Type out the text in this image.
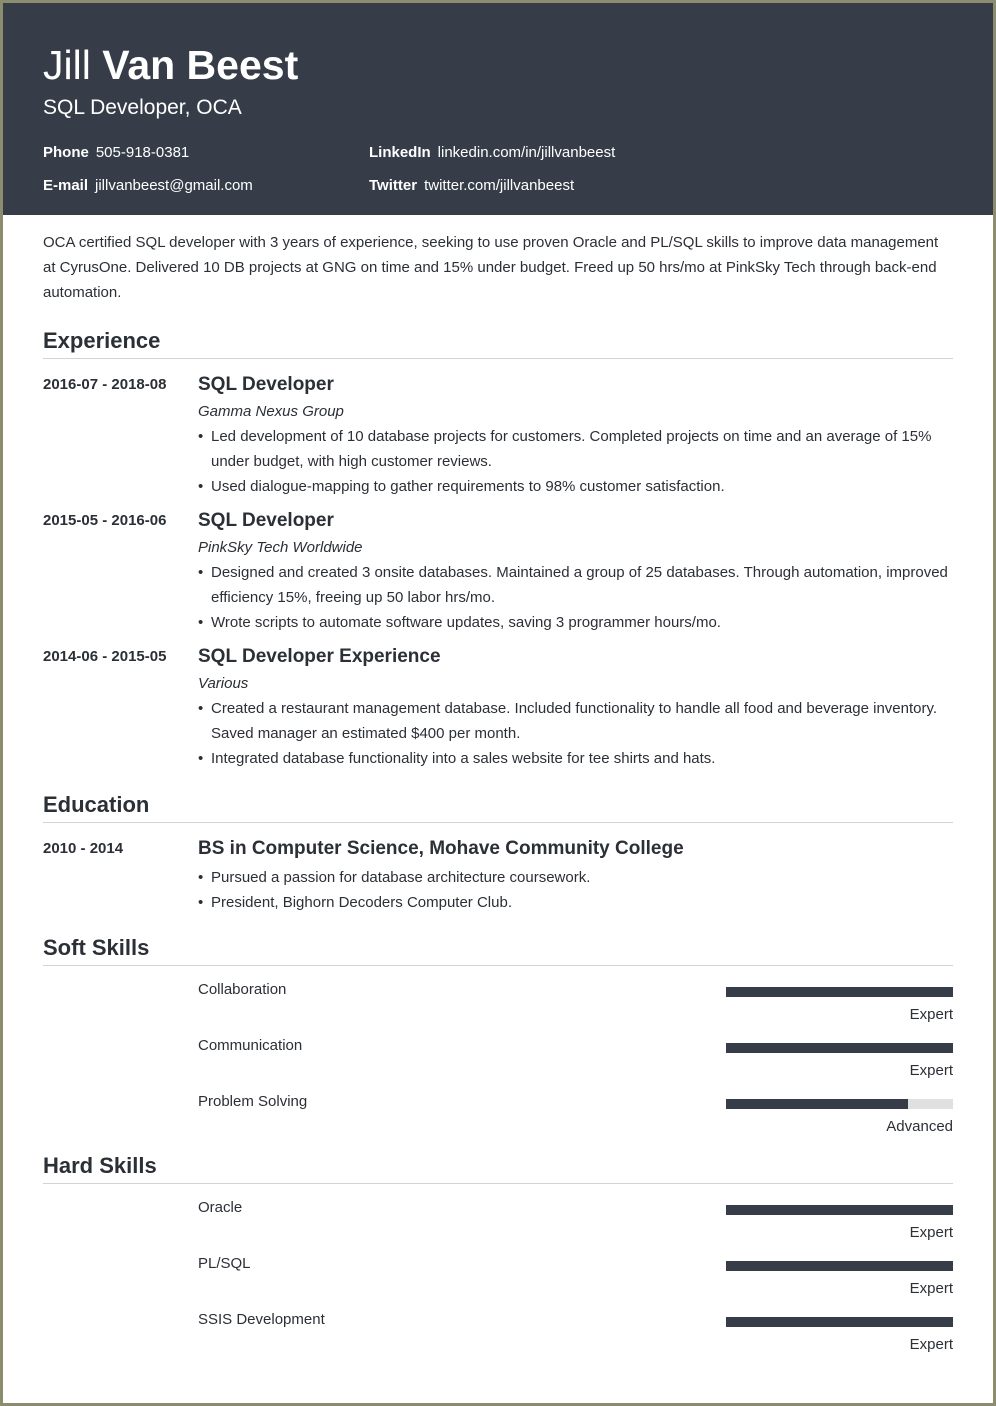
Jill Van Beest
SQL Developer, OCA
Phone 505-918-0381	LinkedIn linkedin.com/in/jillvanbeest
E-mail jillvanbeest@gmail.com	Twitter twitter.com/jillvanbeest
OCA certified SQL developer with 3 years of experience, seeking to use proven Oracle and PL/SQL skills to improve data management at CyrusOne. Delivered 10 DB projects at GNG on time and 15% under budget. Freed up 50 hrs/mo at PinkSky Tech through back-end automation.
Experience
2016-07 - 2018-08	SQL Developer
Gamma Nexus Group
• Led development of 10 database projects for customers. Completed projects on time and an average of 15% under budget, with high customer reviews.
• Used dialogue-mapping to gather requirements to 98% customer satisfaction.
2015-05 - 2016-06	SQL Developer
PinkSky Tech Worldwide
• Designed and created 3 onsite databases. Maintained a group of 25 databases. Through automation, improved efficiency 15%, freeing up 50 labor hrs/mo.
• Wrote scripts to automate software updates, saving 3 programmer hours/mo.
2014-06 - 2015-05	SQL Developer Experience
Various
• Created a restaurant management database. Included functionality to handle all food and beverage inventory. Saved manager an estimated $400 per month.
• Integrated database functionality into a sales website for tee shirts and hats.
Education
2010 - 2014	BS in Computer Science, Mohave Community College
• Pursued a passion for database architecture coursework.
• President, Bighorn Decoders Computer Club.
Soft Skills
Collaboration
Expert
Communication
Expert
Problem Solving
Advanced
Hard Skills
Oracle
Expert
PL/SQL
Expert
SSIS Development
Expert
